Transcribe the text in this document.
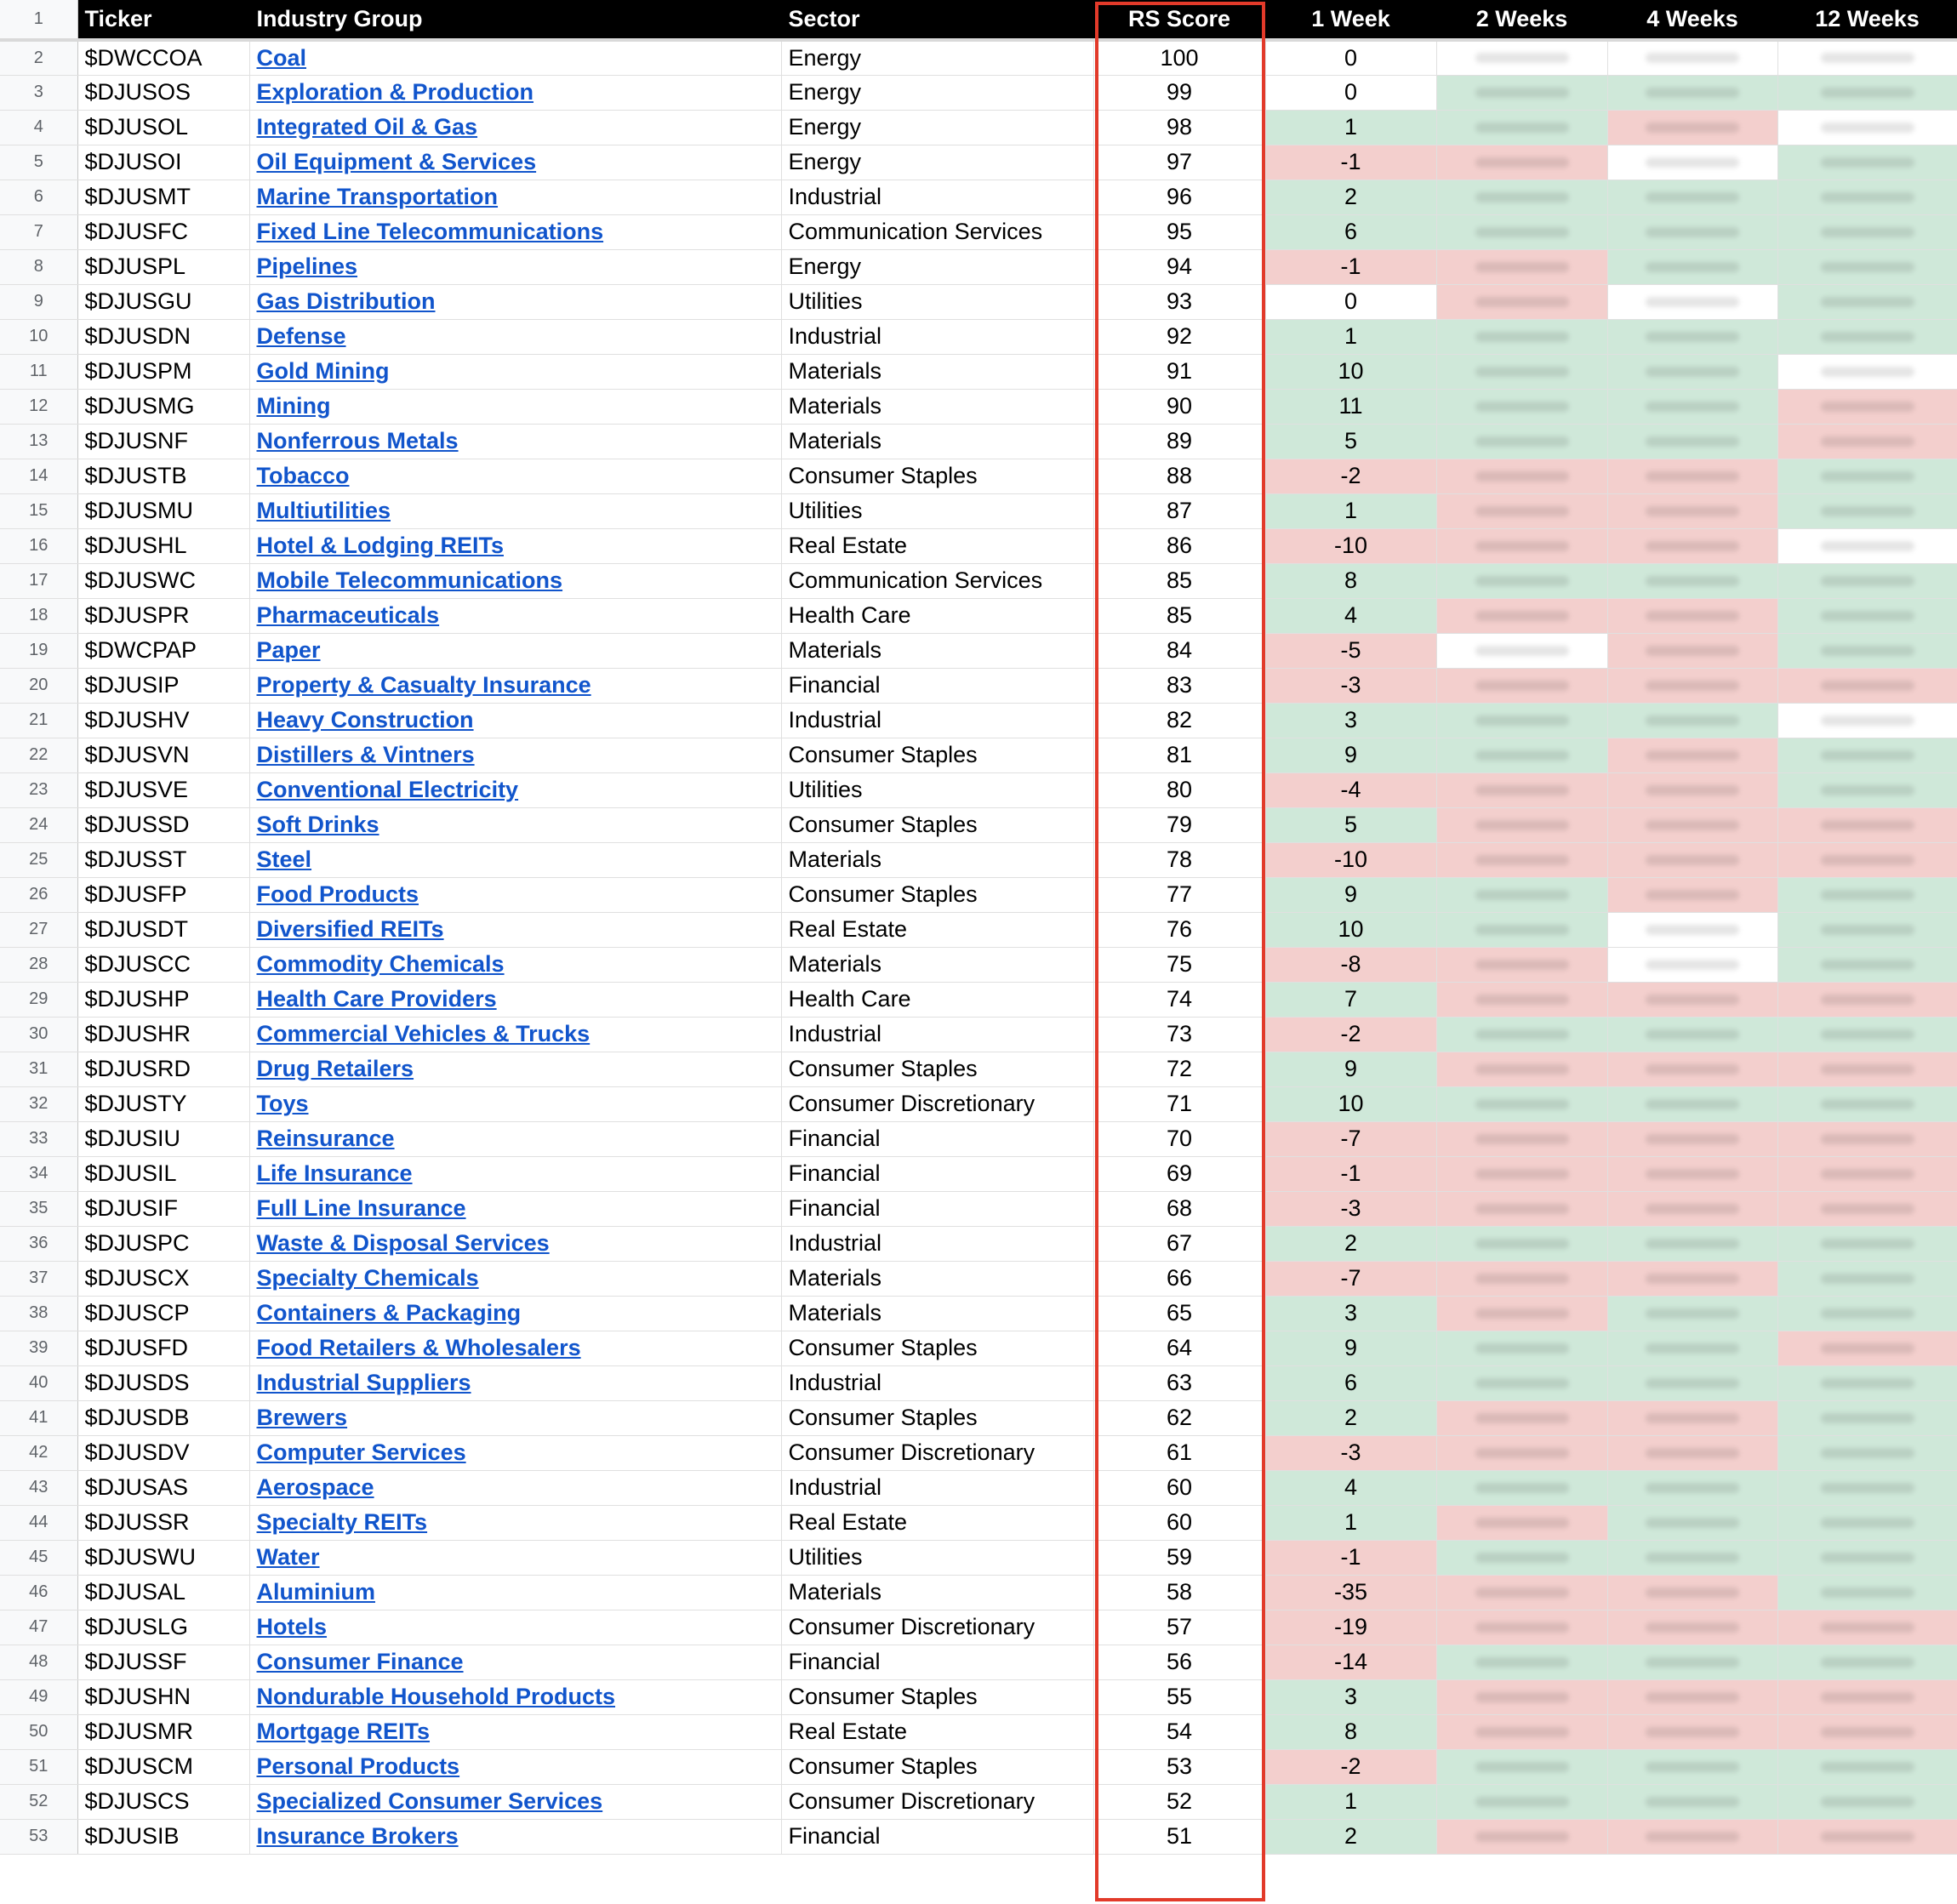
1	Ticker	Industry Group	Sector	RS Score	1 Week	2 Weeks	4 Weeks	12 Weeks
2	$DWCCOA	Coal	Energy	100	0	

3	$DJUSOS	Exploration & Production	Energy	99	0	

4	$DJUSOL	Integrated Oil & Gas	Energy	98	1	

5	$DJUSOI	Oil Equipment & Services	Energy	97	-1	

6	$DJUSMT	Marine Transportation	Industrial	96	2	

7	$DJUSFC	Fixed Line Telecommunications	Communication Services	95	6	

8	$DJUSPL	Pipelines	Energy	94	-1	

9	$DJUSGU	Gas Distribution	Utilities	93	0	

10	$DJUSDN	Defense	Industrial	92	1	

11	$DJUSPM	Gold Mining	Materials	91	10	

12	$DJUSMG	Mining	Materials	90	11	

13	$DJUSNF	Nonferrous Metals	Materials	89	5	

14	$DJUSTB	Tobacco	Consumer Staples	88	-2	

15	$DJUSMU	Multiutilities	Utilities	87	1	

16	$DJUSHL	Hotel & Lodging REITs	Real Estate	86	-10	

17	$DJUSWC	Mobile Telecommunications	Communication Services	85	8	

18	$DJUSPR	Pharmaceuticals	Health Care	85	4	

19	$DWCPAP	Paper	Materials	84	-5	

20	$DJUSIP	Property & Casualty Insurance	Financial	83	-3	

21	$DJUSHV	Heavy Construction	Industrial	82	3	

22	$DJUSVN	Distillers & Vintners	Consumer Staples	81	9	

23	$DJUSVE	Conventional Electricity	Utilities	80	-4	

24	$DJUSSD	Soft Drinks	Consumer Staples	79	5	

25	$DJUSST	Steel	Materials	78	-10	

26	$DJUSFP	Food Products	Consumer Staples	77	9	

27	$DJUSDT	Diversified REITs	Real Estate	76	10	

28	$DJUSCC	Commodity Chemicals	Materials	75	-8	

29	$DJUSHP	Health Care Providers	Health Care	74	7	

30	$DJUSHR	Commercial Vehicles & Trucks	Industrial	73	-2	

31	$DJUSRD	Drug Retailers	Consumer Staples	72	9	

32	$DJUSTY	Toys	Consumer Discretionary	71	10	

33	$DJUSIU	Reinsurance	Financial	70	-7	

34	$DJUSIL	Life Insurance	Financial	69	-1	

35	$DJUSIF	Full Line Insurance	Financial	68	-3	

36	$DJUSPC	Waste & Disposal Services	Industrial	67	2	

37	$DJUSCX	Specialty Chemicals	Materials	66	-7	

38	$DJUSCP	Containers & Packaging	Materials	65	3	

39	$DJUSFD	Food Retailers & Wholesalers	Consumer Staples	64	9	

40	$DJUSDS	Industrial Suppliers	Industrial	63	6	

41	$DJUSDB	Brewers	Consumer Staples	62	2	

42	$DJUSDV	Computer Services	Consumer Discretionary	61	-3	

43	$DJUSAS	Aerospace	Industrial	60	4	

44	$DJUSSR	Specialty REITs	Real Estate	60	1	

45	$DJUSWU	Water	Utilities	59	-1	

46	$DJUSAL	Aluminium	Materials	58	-35	

47	$DJUSLG	Hotels	Consumer Discretionary	57	-19	

48	$DJUSSF	Consumer Finance	Financial	56	-14	

49	$DJUSHN	Nondurable Household Products	Consumer Staples	55	3	

50	$DJUSMR	Mortgage REITs	Real Estate	54	8	

51	$DJUSCM	Personal Products	Consumer Staples	53	-2	

52	$DJUSCS	Specialized Consumer Services	Consumer Discretionary	52	1	

53	$DJUSIB	Insurance Brokers	Financial	51	2	
